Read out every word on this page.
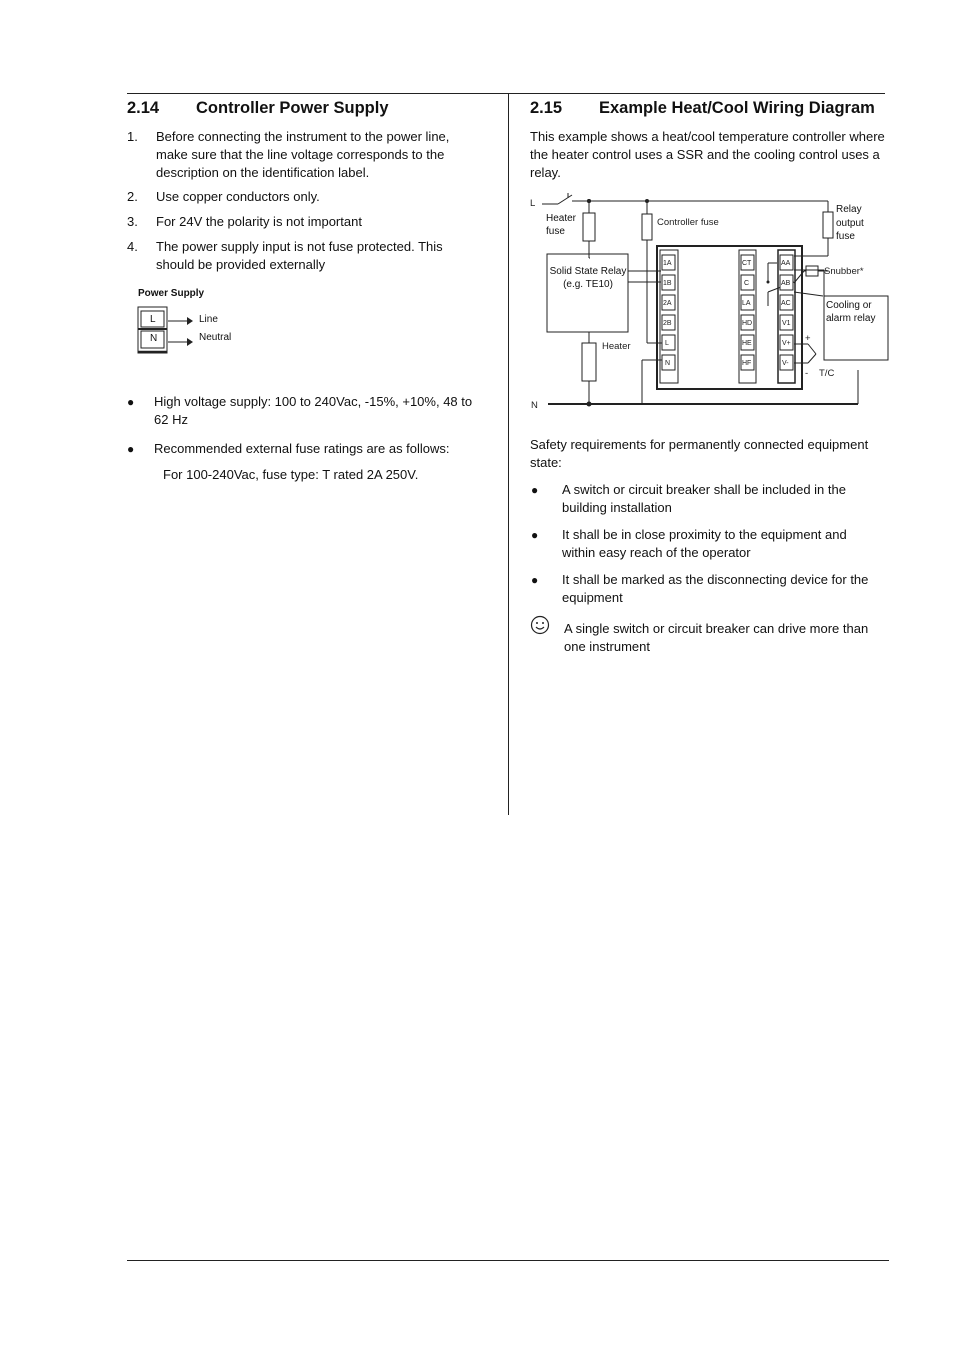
2.14 Controller Power Supply
1. Before connecting the instrument to the power line, make sure that the line voltage corresponds to the description on the identification label.
2. Use copper conductors only.
3. For 24V the polarity is not important
4. The power supply input is not fuse protected. This should be provided externally
Power Supply
L
N
Line
Neutral
● High voltage supply: 100 to 240Vac, -15%, +10%, 48 to 62 Hz
● Recommended external fuse ratings are as follows:
For 100-240Vac, fuse type: T rated 2A 250V.
2.15 Example Heat/Cool Wiring Diagram
This example shows a heat/cool temperature controller where the heater control uses a SSR and the cooling control uses a relay.
1A
1B
2A
2B
L
N
CT
C
LA
HD
HE
HF
AA
AB
AC
V1
V+
V-
L
N
Controller fuse
Heater
Snubber*
T/C
+
-
Heater fuse
Relay output fuse
Solid State Relay
(e.g. TE10)
Cooling or
alarm relay
Safety requirements for permanently connected equipment state:
● A switch or circuit breaker shall be included in the building installation
● It shall be in close proximity to the equipment and within easy reach of the operator
● It shall be marked as the disconnecting device for the equipment
A single switch or circuit breaker can drive more than one instrument
